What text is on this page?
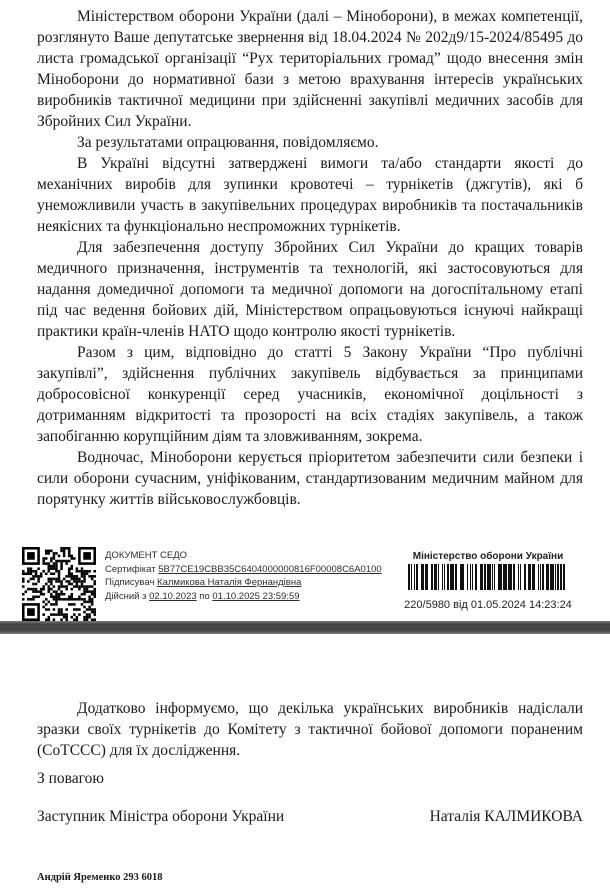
Міністерством оборони України (далі – Міноборони), в межах компетенції, розглянуто Ваше депутатське звернення від 18.04.2024 № 202д9/15-2024/85495 до листа громадської організації “Рух територіальних громад” щодо внесення змін Міноборони до нормативної бази з метою врахування інтересів українських виробників тактичної медицини при здійсненні закупівлі медичних засобів для Збройних Сил України.

За результатами опрацювання, повідомляємо.

В Україні відсутні затверджені вимоги та/або стандарти якості до механічних виробів для зупинки кровотечі – турнікетів (джгутів), які б унеможливили участь в закупівельних процедурах виробників та постачальників неякісних та функціонально неспроможних турнікетів.

Для забезпечення доступу Збройних Сил України до кращих товарів медичного призначення, інструментів та технологій, які застосовуються для надання домедичної допомоги та медичної допомоги на догоспітальному етапі під час ведення бойових дій, Міністерством опрацьовуються існуючі найкращі практики країн-членів НАТО щодо контролю якості турнікетів.

Разом з цим, відповідно до статті 5 Закону України “Про публічні закупівлі”, здійснення публічних закупівель відбувається за принципами добросовісної конкуренції серед учасників, економічної доцільності з дотриманням відкритості та прозорості на всіх стадіях закупівель, а також запобіганню корупційним діям та зловживанням, зокрема.

Водночас, Міноборони керується пріоритетом забезпечити сили безпеки і сили оборони сучасним, уніфікованим, стандартизованим медичним майном для порятунку життів військовослужбовців.

ДОКУМЕНТ СЕДО
Сертифікат 5B77CE19CBB35C6404000000816F00008C6A0100
Підписувач Калмикова Наталія Фернандівна
Дійсний з 02.10.2023 по 01.10.2025 23:59:59
Міністерство оборони України
220/5980 від 01.05.2024 14:23:24

Додатково інформуємо, що декілька українських виробників надіслали зразки своїх турнікетів до Комітету з тактичної бойової допомоги пораненим (CoTCCC) для їх дослідження.

З повагою
Заступник Міністра оборони України	Наталія КАЛМИКОВА
Андрій Яременко 293 6018
